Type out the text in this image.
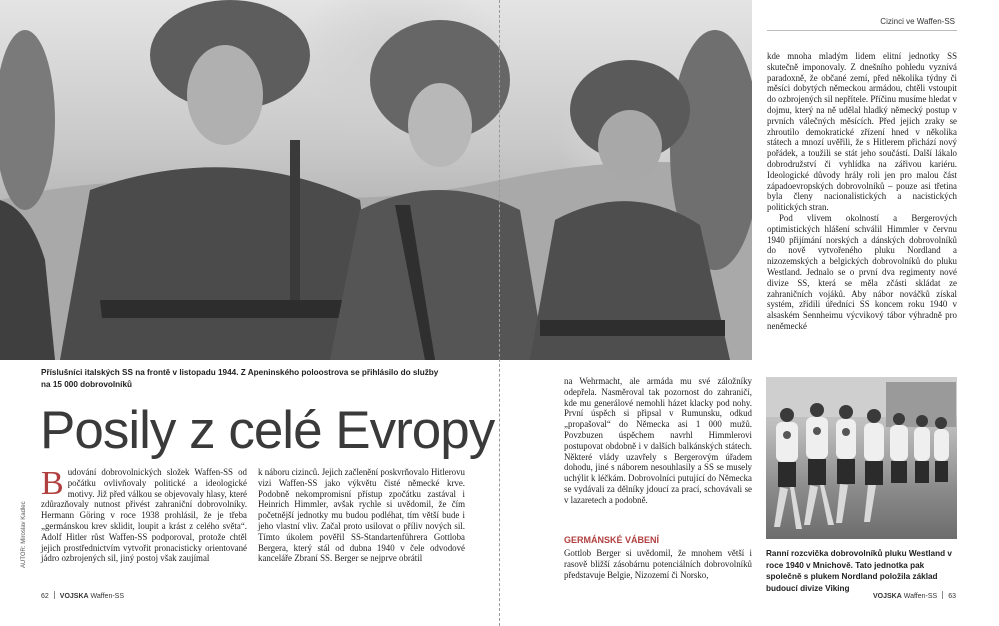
Cizinci ve Waffen-SS
Příslušníci italských SS na frontě v listopadu 1944. Z Apeninského poloostrova se přihlásilo do služby na 15 000 dobrovolníků
Posily z celé Evropy
AUTOR: Miroslav Kadlec
B udování dobrovolnických složek Waffen-SS od počátku ovlivňovaly politické a ideologické motivy. Již před válkou se objevovaly hlasy, které zdůrazňovaly nutnost přivést zahraniční dobrovolníky. Hermann Göring v roce 1938 prohlásil, že je třeba „germánskou krev sklidit, loupit a krást z celého světa“. Adolf Hitler růst Waffen-SS podporoval, protože chtěl jejich prostřednictvím vytvořit pronacisticky orientované jádro ozbrojených sil, jiný postoj však zaujímal

k náboru cizinců. Jejich začlenění poskvrňovalo Hitlerovu vizi Waffen-SS jako výkvětu čisté německé krve. Podobně nekompromisní přístup zpočátku zastával i Heinrich Himmler, avšak rychle si uvědomil, že čím početnější jednotky mu budou podléhat, tím větší bude i jeho vlastní vliv. Začal proto usilovat o příliv nových sil. Tímto úkolem pověřil SS-Standartenführera Gottloba Bergera, který stál od dubna 1940 v čele odvodové kanceláře Zbraní SS. Berger se nejprve obrátil

na Wehrmacht, ale armáda mu své záložníky odepřela. Nasměroval tak pozornost do zahraničí, kde mu generálové nemohli házet klacky pod nohy. První úspěch si připsal v Rumunsku, odkud „propašoval“ do Německa asi 1 000 mužů. Povzbuzen úspěchem navrhl Himmlerovi postupovat obdobně i v dalších balkánských státech. Některé vlády uzavřely s Bergerovým úřadem dohodu, jiné s náborem nesouhlasily a SS se musely uchýlit k léčkám. Dobrovolníci putující do Německa se vydávali za dělníky jdoucí za prací, schovávali se v lazaretech a podobně.

GERMÁNSKÉ VÁBENÍ

Gottlob Berger si uvědomil, že mnohem větší i rasově bližší zásobárnu potenciálních dobrovolníků představuje Belgie, Nizozemí či Norsko,

kde mnoha mladým lidem elitní jednotky SS skutečně imponovaly. Z dnešního pohledu vyznívá paradoxně, že občané zemí, před několika týdny či měsíci dobytých německou armádou, chtěli vstoupit do ozbrojených sil nepřítele. Příčinu musíme hledat v dojmu, který na ně udělal hladký německý postup v prvních válečných měsících. Před jejich zraky se zhroutilo demokratické zřízení hned v několika státech a mnozí uvěřili, že s Hitlerem přichází nový pořádek, a toužili se stát jeho součástí. Další lákalo dobrodružství či vyhlídka na zářivou kariéru. Ideologické důvody hrály roli jen pro malou část západoevropských dobrovolníků – pouze asi třetina byla členy nacionalistických a nacistických politických stran.

Pod vlivem okolností a Bergerových optimistických hlášení schválil Himmler v červnu 1940 přijímání norských a dánských dobrovolníků do nově vytvořeného pluku Nordland a nizozemských a belgických dobrovolníků do pluku Westland. Jednalo se o první dva regimenty nové divize SS, která se měla zčásti skládat ze zahraničních vojáků. Aby nábor nováčků získal systém, zřídili úředníci SS koncem roku 1940 v alsaském Sennheimu výcvikový tábor výhradně pro neněmecké

Ranní rozcvička dobrovolníků pluku Westland v roce 1940 v Mnichově. Tato jednotka pak společně s plukem Nordland položila základ budoucí divize Viking
62 VOJSKA Waffen-SS	VOJSKA Waffen-SS 63
